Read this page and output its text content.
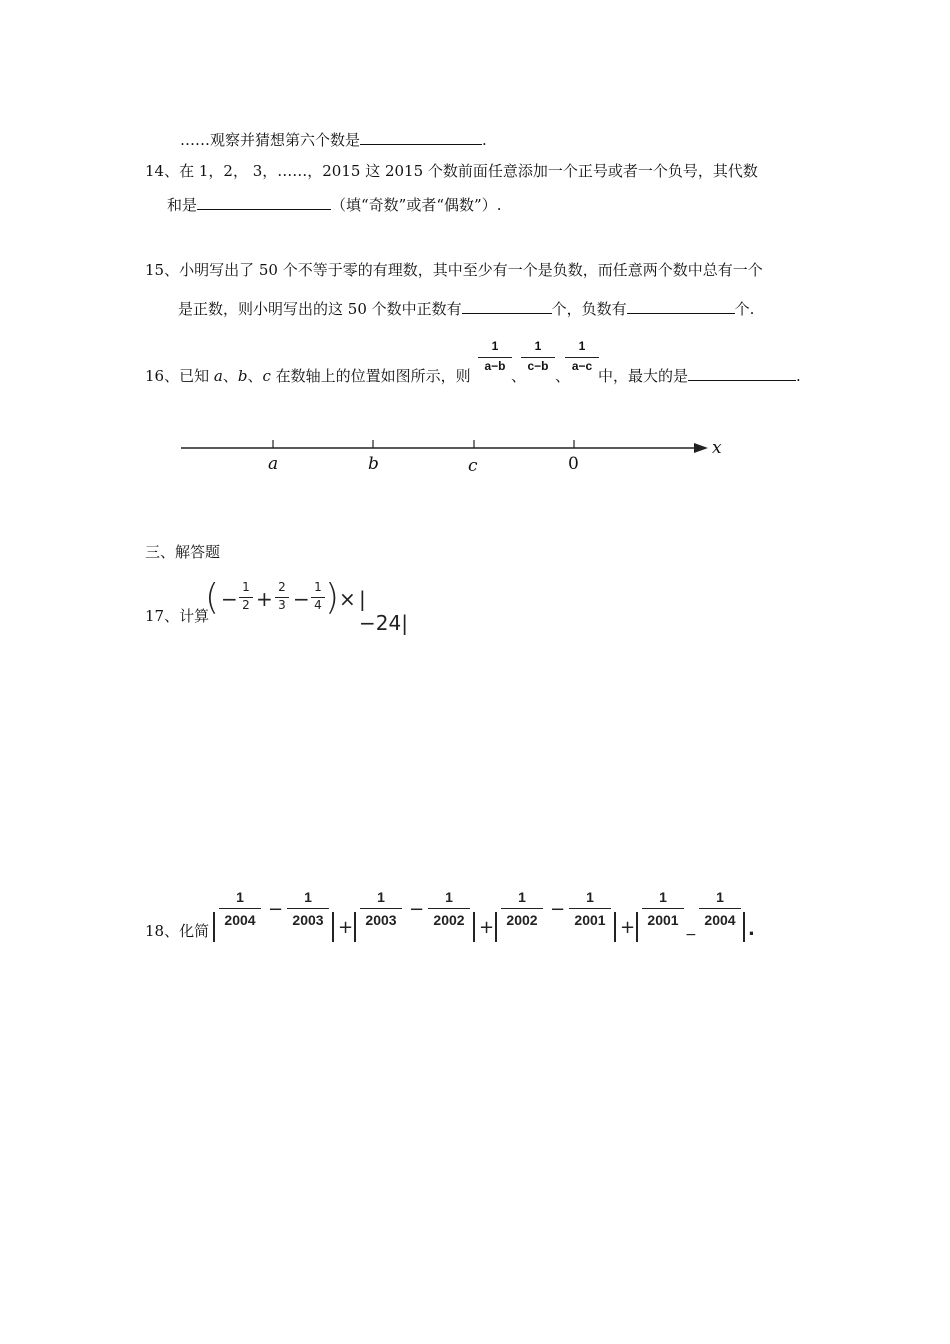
……观察并猜想第六个数是	.
14、在 1，2， 3，……，2015 这 2015 个数前面任意添加一个正号或者一个负号，其代数
和是	（填“奇数”或者“偶数”）.
15、小明写出了 50 个不等于零的有理数，其中至少有一个是负数，而任意两个数中总有一个
是正数，则小明写出的这 50 个数中正数有	个，负数有	个.
16、已知 a、b、c 在数轴上的位置如图所示，则
$\frac{1}{a-b}$
、
$\frac{1}{c-b}$
、
$\frac{1}{a-c}$
中，最大的是	.
a	b	c	0
x
三、解答题
17、计算
( − $\frac{1}{2} + \frac{2}{3} - \frac{1}{4}$ ) × |−24|
18、化简 $\frac{1}{2004} - \frac{1}{2003} + \frac{1}{2003} - \frac{1}{2002} + \frac{1}{2002} - \frac{1}{2001} + \frac{1}{2001}$
−
$\frac{1}{2004}$ .
